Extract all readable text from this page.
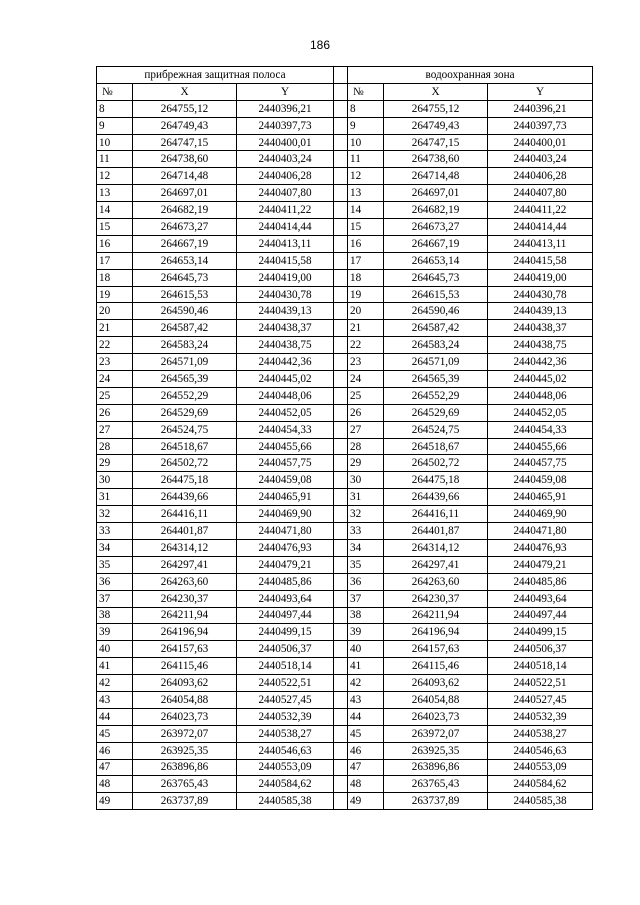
186
прибрежная защитная полоса				водоохранная зона		
№	X	Y		№	X	Y
8	264755,12	2440396,21		8	264755,12	2440396,21
9	264749,43	2440397,73		9	264749,43	2440397,73
10	264747,15	2440400,01		10	264747,15	2440400,01
11	264738,60	2440403,24		11	264738,60	2440403,24
12	264714,48	2440406,28		12	264714,48	2440406,28
13	264697,01	2440407,80		13	264697,01	2440407,80
14	264682,19	2440411,22		14	264682,19	2440411,22
15	264673,27	2440414,44		15	264673,27	2440414,44
16	264667,19	2440413,11		16	264667,19	2440413,11
17	264653,14	2440415,58		17	264653,14	2440415,58
18	264645,73	2440419,00		18	264645,73	2440419,00
19	264615,53	2440430,78		19	264615,53	2440430,78
20	264590,46	2440439,13		20	264590,46	2440439,13
21	264587,42	2440438,37		21	264587,42	2440438,37
22	264583,24	2440438,75		22	264583,24	2440438,75
23	264571,09	2440442,36		23	264571,09	2440442,36
24	264565,39	2440445,02		24	264565,39	2440445,02
25	264552,29	2440448,06		25	264552,29	2440448,06
26	264529,69	2440452,05		26	264529,69	2440452,05
27	264524,75	2440454,33		27	264524,75	2440454,33
28	264518,67	2440455,66		28	264518,67	2440455,66
29	264502,72	2440457,75		29	264502,72	2440457,75
30	264475,18	2440459,08		30	264475,18	2440459,08
31	264439,66	2440465,91		31	264439,66	2440465,91
32	264416,11	2440469,90		32	264416,11	2440469,90
33	264401,87	2440471,80		33	264401,87	2440471,80
34	264314,12	2440476,93		34	264314,12	2440476,93
35	264297,41	2440479,21		35	264297,41	2440479,21
36	264263,60	2440485,86		36	264263,60	2440485,86
37	264230,37	2440493,64		37	264230,37	2440493,64
38	264211,94	2440497,44		38	264211,94	2440497,44
39	264196,94	2440499,15		39	264196,94	2440499,15
40	264157,63	2440506,37		40	264157,63	2440506,37
41	264115,46	2440518,14		41	264115,46	2440518,14
42	264093,62	2440522,51		42	264093,62	2440522,51
43	264054,88	2440527,45		43	264054,88	2440527,45
44	264023,73	2440532,39		44	264023,73	2440532,39
45	263972,07	2440538,27		45	263972,07	2440538,27
46	263925,35	2440546,63		46	263925,35	2440546,63
47	263896,86	2440553,09		47	263896,86	2440553,09
48	263765,43	2440584,62		48	263765,43	2440584,62
49	263737,89	2440585,38		49	263737,89	2440585,38
